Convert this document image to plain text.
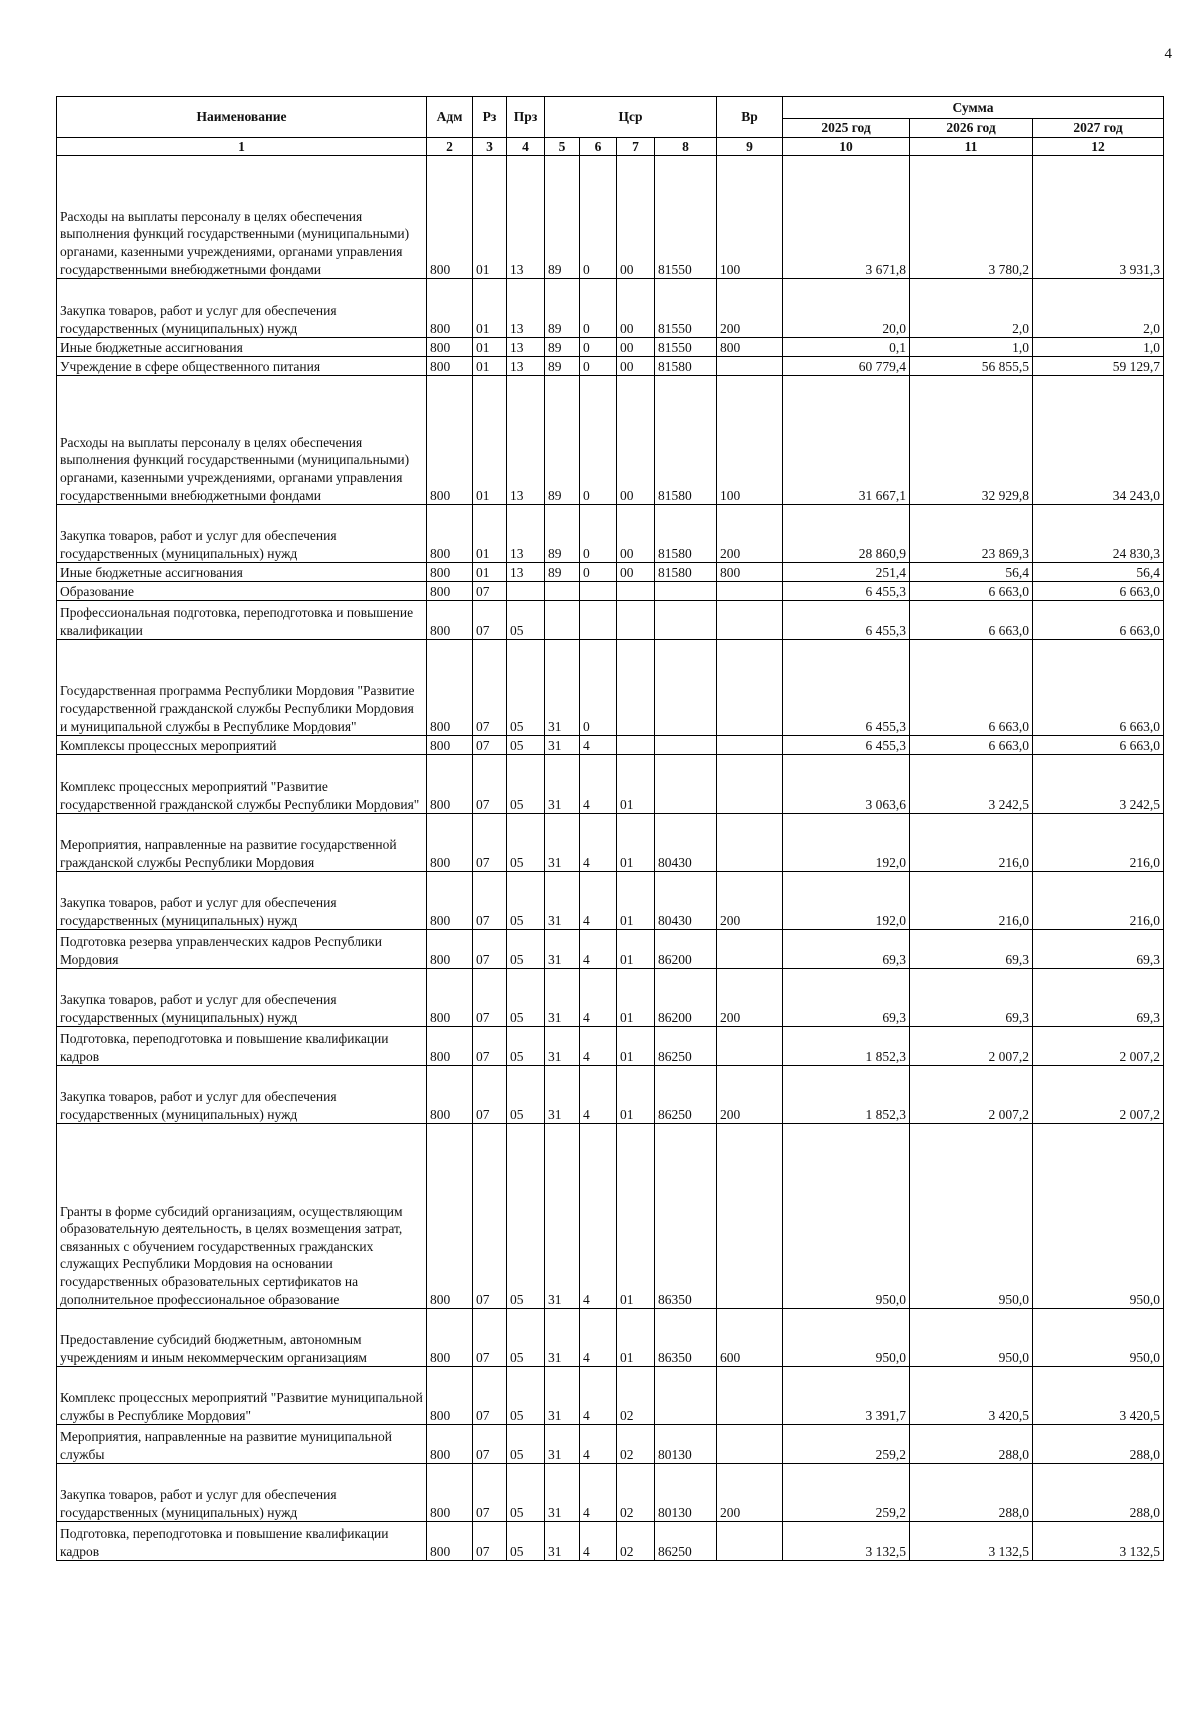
4
Наименование	Адм	Рз	Прз	Цср				Вр	Сумма		
									2025 год	2026 год	2027 год
1	2	3	4	5	6	7	8	9	10	11	12
Расходы на выплаты персоналу в целях обеспечения выполнения функций государственными (муниципальными) органами, казенными учреждениями, органами управления государственными внебюджетными фондами	800	01	13	89	0	00	81550	100	3 671,8	3 780,2	3 931,3
Закупка товаров, работ и услуг для обеспечения государственных (муниципальных) нужд	800	01	13	89	0	00	81550	200	20,0	2,0	2,0
Иные бюджетные ассигнования	800	01	13	89	0	00	81550	800	0,1	1,0	1,0
Учреждение в сфере общественного питания	800	01	13	89	0	00	81580		60 779,4	56 855,5	59 129,7
Расходы на выплаты персоналу в целях обеспечения выполнения функций государственными (муниципальными) органами, казенными учреждениями, органами управления государственными внебюджетными фондами	800	01	13	89	0	00	81580	100	31 667,1	32 929,8	34 243,0
Закупка товаров, работ и услуг для обеспечения государственных (муниципальных) нужд	800	01	13	89	0	00	81580	200	28 860,9	23 869,3	24 830,3
Иные бюджетные ассигнования	800	01	13	89	0	00	81580	800	251,4	56,4	56,4
Образование	800	07							6 455,3	6 663,0	6 663,0
Профессиональная подготовка, переподготовка и повышение квалификации	800	07	05						6 455,3	6 663,0	6 663,0
Государственная программа Республики Мордовия "Развитие государственной гражданской службы Республики Мордовия и муниципальной службы в Республике Мордовия"	800	07	05	31	0				6 455,3	6 663,0	6 663,0
Комплексы процессных мероприятий	800	07	05	31	4				6 455,3	6 663,0	6 663,0
Комплекс процессных мероприятий "Развитие государственной гражданской службы Республики Мордовия"	800	07	05	31	4	01			3 063,6	3 242,5	3 242,5
Мероприятия, направленные на развитие государственной гражданской службы Республики Мордовия	800	07	05	31	4	01	80430		192,0	216,0	216,0
Закупка товаров, работ и услуг для обеспечения государственных (муниципальных) нужд	800	07	05	31	4	01	80430	200	192,0	216,0	216,0
Подготовка резерва управленческих кадров Республики Мордовия	800	07	05	31	4	01	86200		69,3	69,3	69,3
Закупка товаров, работ и услуг для обеспечения государственных (муниципальных) нужд	800	07	05	31	4	01	86200	200	69,3	69,3	69,3
Подготовка, переподготовка и повышение квалификации кадров	800	07	05	31	4	01	86250		1 852,3	2 007,2	2 007,2
Закупка товаров, работ и услуг для обеспечения государственных (муниципальных) нужд	800	07	05	31	4	01	86250	200	1 852,3	2 007,2	2 007,2
Гранты в форме субсидий организациям, осуществляющим образовательную деятельность, в целях возмещения затрат, связанных с обучением государственных гражданских служащих Республики Мордовия на основании государственных образовательных сертификатов на дополнительное профессиональное образование	800	07	05	31	4	01	86350		950,0	950,0	950,0
Предоставление субсидий бюджетным, автономным учреждениям и иным некоммерческим организациям	800	07	05	31	4	01	86350	600	950,0	950,0	950,0
Комплекс процессных мероприятий "Развитие муниципальной службы в Республике Мордовия"	800	07	05	31	4	02			3 391,7	3 420,5	3 420,5
Мероприятия, направленные на развитие муниципальной службы	800	07	05	31	4	02	80130		259,2	288,0	288,0
Закупка товаров, работ и услуг для обеспечения государственных (муниципальных) нужд	800	07	05	31	4	02	80130	200	259,2	288,0	288,0
Подготовка, переподготовка и повышение квалификации кадров	800	07	05	31	4	02	86250		3 132,5	3 132,5	3 132,5
